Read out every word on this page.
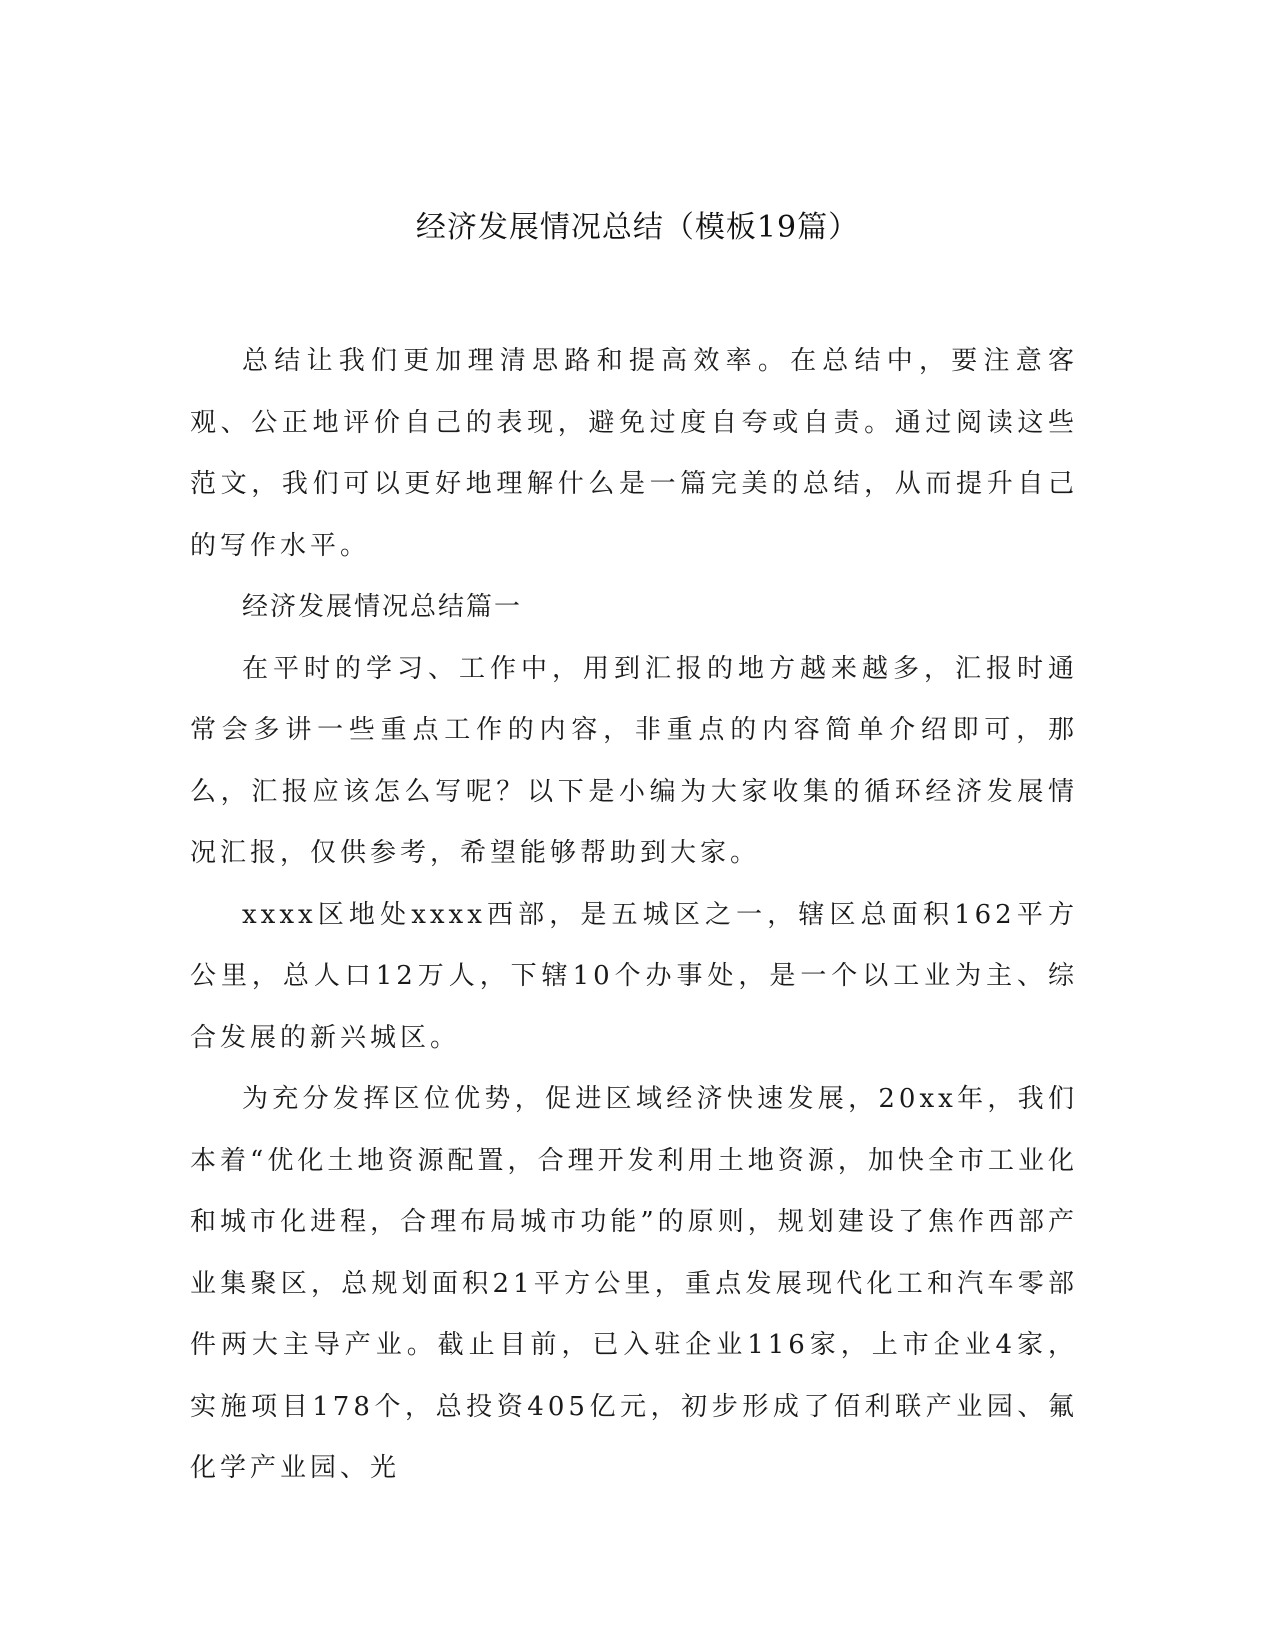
经济发展情况总结（模板19篇）

总结让我们更加理清思路和提高效率。在总结中，要注意客观、公正地评价自己的表现，避免过度自夸或自责。通过阅读这些范文，我们可以更好地理解什么是一篇完美的总结，从而提升自己的写作水平。

经济发展情况总结篇一

在平时的学习、工作中，用到汇报的地方越来越多，汇报时通常会多讲一些重点工作的内容，非重点的内容简单介绍即可，那么，汇报应该怎么写呢？以下是小编为大家收集的循环经济发展情况汇报，仅供参考，希望能够帮助到大家。

xxxx区地处xxxx西部，是五城区之一，辖区总面积162平方公里，总人口12万人，下辖10个办事处，是一个以工业为主、综合发展的新兴城区。

为充分发挥区位优势，促进区域经济快速发展，20xx年，我们本着“优化土地资源配置，合理开发利用土地资源，加快全市工业化和城市化进程，合理布局城市功能”的原则，规划建设了焦作西部产业集聚区，总规划面积21平方公里，重点发展现代化工和汽车零部件两大主导产业。截止目前，已入驻企业116家，上市企业4家，实施项目178个，总投资405亿元，初步形成了佰利联产业园、氟化学产业园、光
